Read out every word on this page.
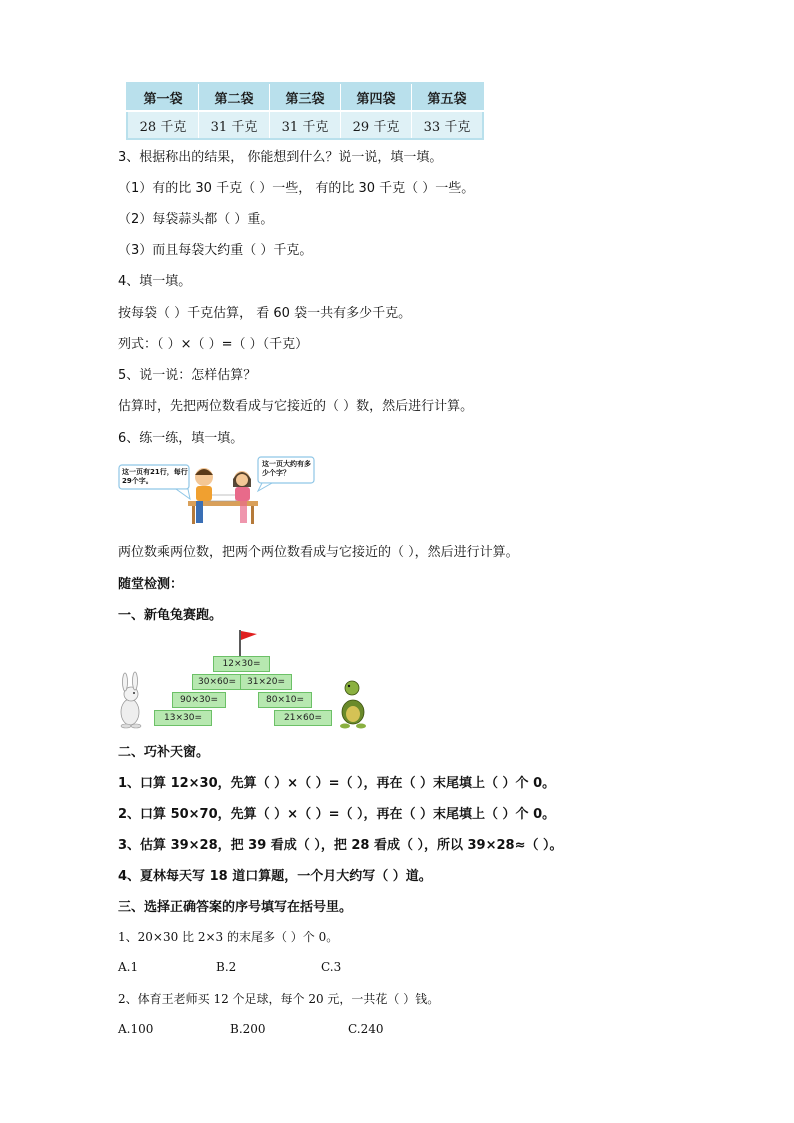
第一袋	第二袋	第三袋	第四袋	第五袋
28 千克	31 千克	31 千克	29 千克	33 千克
3、根据称出的结果， 你能想到什么？说一说，填一填。
（1）有的比 30 千克（ ）一些， 有的比 30 千克（ ）一些。
（2）每袋蒜头都（ ）重。
（3）而且每袋大约重（ ）千克。
4、填一填。
按每袋（ ）千克估算， 看 60 袋一共有多少千克。
列式：（ ）×（ ）=（ ）（千克）
5、说一说：怎样估算？
估算时，先把两位数看成与它接近的（ ）数，然后进行计算。
6、练一练，填一填。
这一页有21行，每行29个字。
这一页大约有多少个字？
两位数乘两位数，把两个两位数看成与它接近的（ ），然后进行计算。
随堂检测：
一、新龟兔赛跑。
12×30=
30×60=	31×20=
90×30=	80×10=
13×30=	21×60=
二、巧补天窗。
1、口算 12×30，先算（ ）×（ ）=（ ），再在（ ）末尾填上（ ）个 0。
2、口算 50×70，先算（ ）×（ ）=（ ），再在（ ）末尾填上（ ）个 0。
3、估算 39×28，把 39 看成（ ），把 28 看成（ ），所以 39×28≈（ ）。
4、夏林每天写 18 道口算题，一个月大约写（ ）道。
三、选择正确答案的序号填写在括号里。
1、20×30 比 2×3 的末尾多（ ）个 0。
A.1	B.2	C.3
2、体育王老师买 12 个足球，每个 20 元，一共花（ ）钱。
A.100	B.200	C.240
